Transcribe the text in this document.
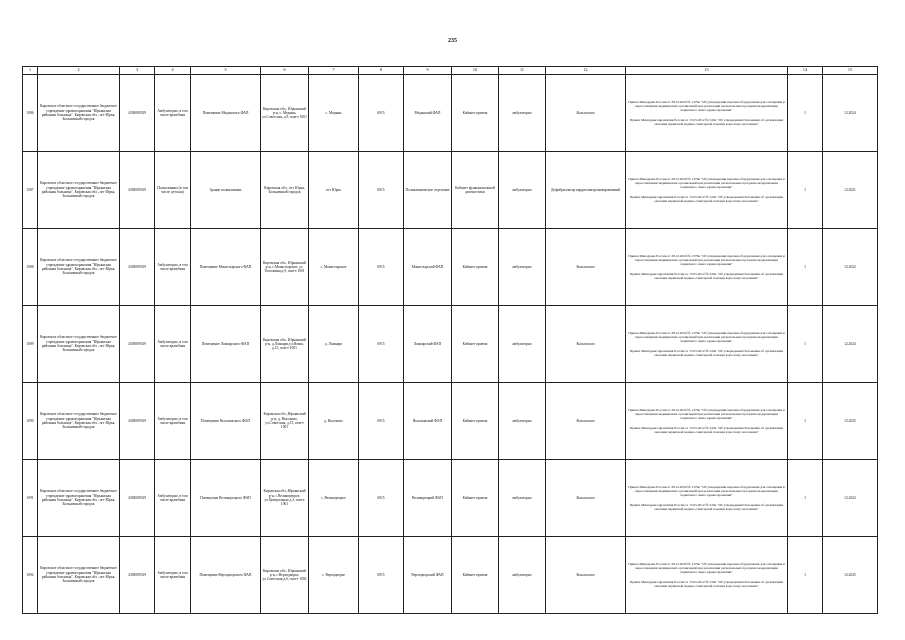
235
1	2	3	4	5	6	7	8	9	10	11	12	13	14	15
1086	Кировское областное государственное бюджетное учреждение здравоохранения "Юрьянская районная больница", Кировская обл., пгт Юрья, Больничный городок	4338009339	Амбулаторно, в том числе врачебная	Помещение Медянского ФАП	Кировская обл., Юрьянский р-н, с. Медяны, ул.Советская, д.9, пом-е 1001	с. Медяны	6915	Медянский ФАП	Кабинет приема	амбулаторно	Кольпоскоп	Приказ Минздрава России от 28.12.2020 № 1379н "Об утверждении перечня оборудования для оснащения и переоснащения медицинских организаций при реализации региональных программ модернизации первичного звена здравоохранения"
Приказ Минздравсоцразвития России от 15.05.2012 № 543н "Об утверждении Положения об организации оказания первичной медико-санитарной помощи взрослому населению"	1	12.2024
1087	Кировское областное государственное бюджетное учреждение здравоохранения "Юрьянская районная больница", Кировская обл., пгт Юрья, Больничный городок	4338009339	Поликлиника (в том числе детская)	Здание поликлиники	Кировская обл., пгт Юрья, Больничный городок	пгт Юрья	6915	Поликлиническое отделение	Кабинет функциональной диагностики	амбулаторно	Дефибриллятор кардиосинхронизированный	Приказ Минздрава России от 28.12.2020 № 1379н "Об утверждении перечня оборудования для оснащения и переоснащения медицинских организаций при реализации региональных программ модернизации первичного звена здравоохранения"
Приказ Минздравсоцразвития России от 15.05.2012 № 543н "Об утверждении Положения об организации оказания первичной медико-санитарной помощи взрослому населению"	1	12.2021
1088	Кировское областное государственное бюджетное учреждение здравоохранения "Юрьянская районная больница", Кировская обл., пгт Юрья, Больничный городок	4338009339	Амбулаторно, в том числе врачебная	Помещение Монастырского ФАП	Кировская обл., Юрьянский р-н, с.Монастырское, ул. Тополиная,д.9, пом-е 1001	с. Монастырское	6915	Монастырский ФАП	Кабинет приема	амбулаторно	Кольпоскоп	Приказ Минздрава России от 28.12.2020 № 1379н "Об утверждении перечня оборудования для оснащения и переоснащения медицинских организаций при реализации региональных программ модернизации первичного звена здравоохранения"
Приказ Минздравсоцразвития России от 15.05.2012 № 543н "Об утверждении Положения об организации оказания первичной медико-санитарной помощи взрослому населению"	1	12.2022
1089	Кировское областное государственное бюджетное учреждение здравоохранения "Юрьянская районная больница", Кировская обл., пгт Юрья, Больничный городок	4338009339	Амбулаторно, в том числе врачебная	Помещение Ложкарского ФАП	Кировская обл., Юрьянский р-н, д.Ложкари,ул.Новая, д.15, пом-е 1001	д. Ложкари	6915	Ложкарский ФАП	Кабинет приема	амбулаторно	Кольпоскоп	Приказ Минздрава России от 28.12.2020 № 1379н "Об утверждении перечня оборудования для оснащения и переоснащения медицинских организаций при реализации региональных программ модернизации первичного звена здравоохранения"
Приказ Минздравсоцразвития России от 15.05.2012 № 543н "Об утверждении Положения об организации оказания первичной медико-санитарной помощи взрослому населению"	1	12.2024
1090	Кировское областное государственное бюджетное учреждение здравоохранения "Юрьянская районная больница", Кировская обл., пгт Юрья, Больничный городок	4338009339	Амбулаторно, в том числе врачебная	Помещение Высоковского ФАП	Кировская обл.,Юрьянский р-н, д. Высоково, ул.Советская, д.15, пом-е 1001	д. Высоково	6915	Высоковский ФАП	Кабинет приема	амбулаторно	Кольпоскоп	Приказ Минздрава России от 28.12.2020 № 1379н "Об утверждении перечня оборудования для оснащения и переоснащения медицинских организаций при реализации региональных программ модернизации первичного звена здравоохранения"
Приказ Минздравсоцразвития России от 15.05.2012 № 543н "Об утверждении Положения об организации оказания первичной медико-санитарной помощи взрослому населению"	1	12.2025
1091	Кировское областное государственное бюджетное учреждение здравоохранения "Юрьянская районная больница", Кировская обл., пгт Юрья, Больничный городок	4338009339	Амбулаторно, в том числе врачебная	Помещение Великорецкого ФАП	Кировская обл.,Юрьянский р-н, с.Великорецкое, ул.Центральная д.3, пом-е 1001	с. Великорецкое	6915	Великорецкий ФАП	Кабинет приема	амбулаторно	Кольпоскоп	Приказ Минздрава России от 28.12.2020 № 1379н "Об утверждении перечня оборудования для оснащения и переоснащения медицинских организаций при реализации региональных программ модернизации первичного звена здравоохранения"
Приказ Минздравсоцразвития России от 15.05.2012 № 543н "Об утверждении Положения об организации оказания первичной медико-санитарной помощи взрослому населению"	1	12.2022
1092	Кировское областное государственное бюджетное учреждение здравоохранения "Юрьянская районная больница", Кировская обл., пгт Юрья, Больничный городок	4338009339	Амбулаторно, в том числе врачебная	Помещение Верходворского ФАП	Кировская обл., Юрьянский р-н, с.Верходворье, ул.Советская,д.6, пом-е 1002	с. Верходворье	6915	Верходворский ФАП	Кабинет приема	амбулаторно	Кольпоскоп	Приказ Минздрава России от 28.12.2020 № 1379н "Об утверждении перечня оборудования для оснащения и переоснащения медицинских организаций при реализации региональных программ модернизации первичного звена здравоохранения"
Приказ Минздравсоцразвития России от 15.05.2012 № 543н "Об утверждении Положения об организации оказания первичной медико-санитарной помощи взрослому населению"	1	12.2025
